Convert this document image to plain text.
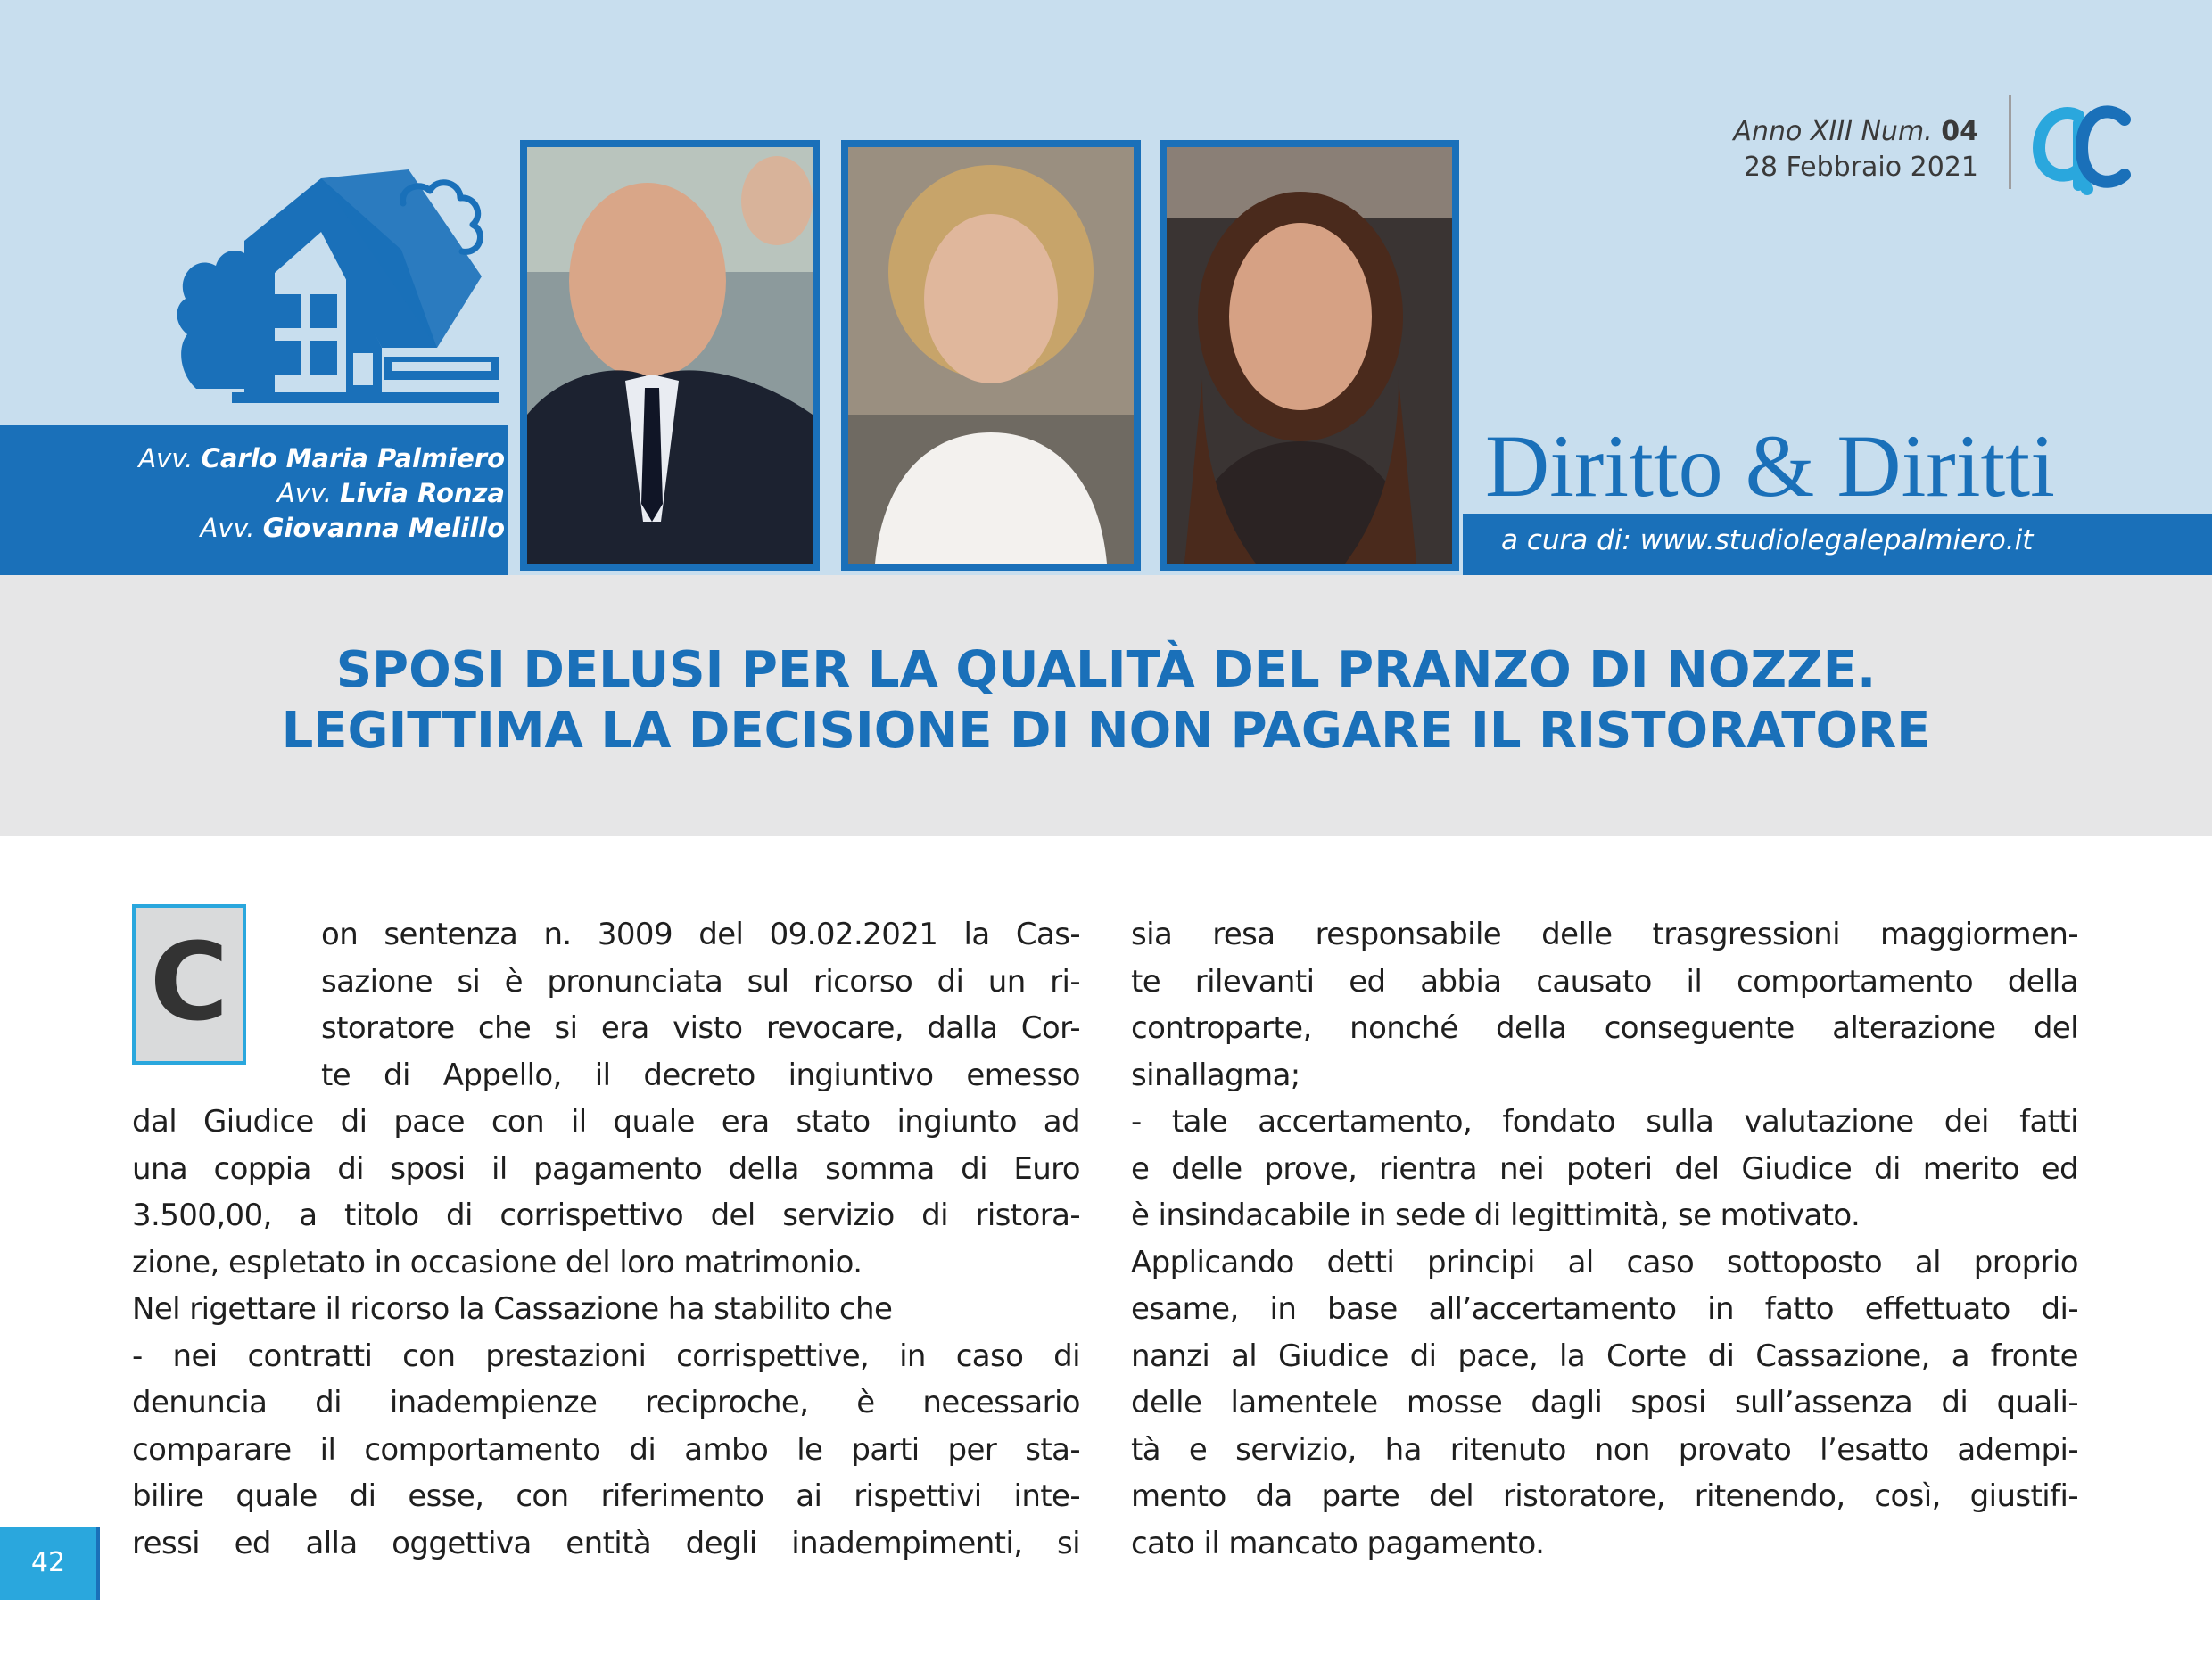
Anno XIII Num. 04
28 Febbraio 2021
Avv. Carlo Maria Palmiero
Avv. Livia Ronza
Avv. Giovanna Melillo
Diritto & Diritti
a cura di: www.studiolegalepalmiero.it
SPOSI DELUSI PER LA QUALITÀ DEL PRANZO DI NOZZE.
LEGITTIMA LA DECISIONE DI NON PAGARE IL RISTORATORE
C	on sentenza n. 3009 del 09.02.2021 la Cas-
sazione si è pronunciata sul ricorso di un ri-
storatore che si era visto revocare, dalla Cor-
te di Appello, il decreto ingiuntivo emesso
dal Giudice di pace con il quale era stato ingiunto ad
una coppia di sposi il pagamento della somma di Euro
3.500,00, a titolo di corrispettivo del servizio di ristora-
zione, espletato in occasione del loro matrimonio.
Nel rigettare il ricorso la Cassazione ha stabilito che
- nei contratti con prestazioni corrispettive, in caso di
denuncia di inadempienze reciproche, è necessario
comparare il comportamento di ambo le parti per sta-
bilire quale di esse, con riferimento ai rispettivi inte-
ressi ed alla oggettiva entità degli inadempimenti, si
sia resa responsabile delle trasgressioni maggiormen-
te rilevanti ed abbia causato il comportamento della
controparte, nonché della conseguente alterazione del
sinallagma;
- tale accertamento, fondato sulla valutazione dei fatti
e delle prove, rientra nei poteri del Giudice di merito ed
è insindacabile in sede di legittimità, se motivato.
Applicando detti principi al caso sottoposto al proprio
esame, in base all’accertamento in fatto effettuato di-
nanzi al Giudice di pace, la Corte di Cassazione, a fronte
delle lamentele mosse dagli sposi sull’assenza di quali-
tà e servizio, ha ritenuto non provato l’esatto adempi-
mento da parte del ristoratore, ritenendo, così, giustifi-
cato il mancato pagamento.
42
